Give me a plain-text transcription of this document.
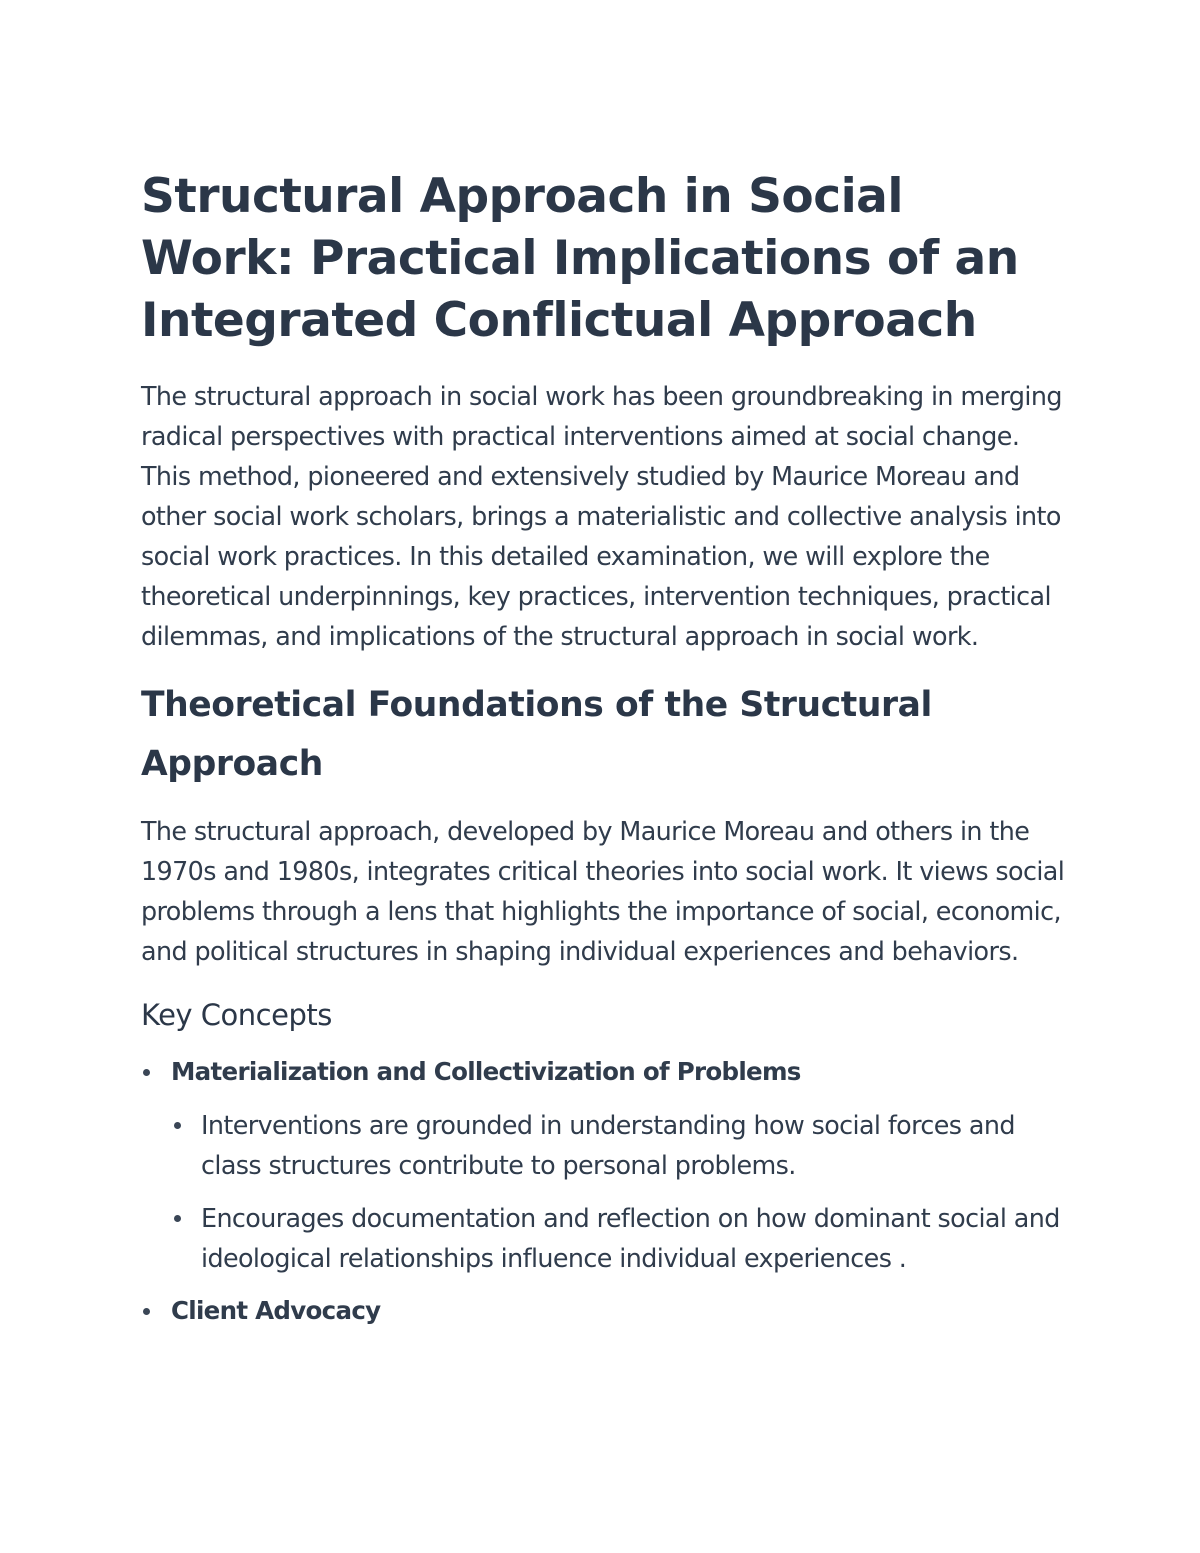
Structural Approach in Social Work: Practical Implications of an Integrated Conflictual Approach

The structural approach in social work has been groundbreaking in merging radical perspectives with practical interventions aimed at social change. This method, pioneered and extensively studied by Maurice Moreau and other social work scholars, brings a materialistic and collective analysis into social work practices. In this detailed examination, we will explore the theoretical underpinnings, key practices, intervention techniques, practical dilemmas, and implications of the structural approach in social work.

Theoretical Foundations of the Structural Approach

The structural approach, developed by Maurice Moreau and others in the 1970s and 1980s, integrates critical theories into social work. It views social problems through a lens that highlights the importance of social, economic, and political structures in shaping individual experiences and behaviors.

Key Concepts
Materialization and Collectivization of Problems

Interventions are grounded in understanding how social forces and class structures contribute to personal problems.

Encourages documentation and reflection on how dominant social and ideological relationships influence individual experiences .

Client Advocacy
